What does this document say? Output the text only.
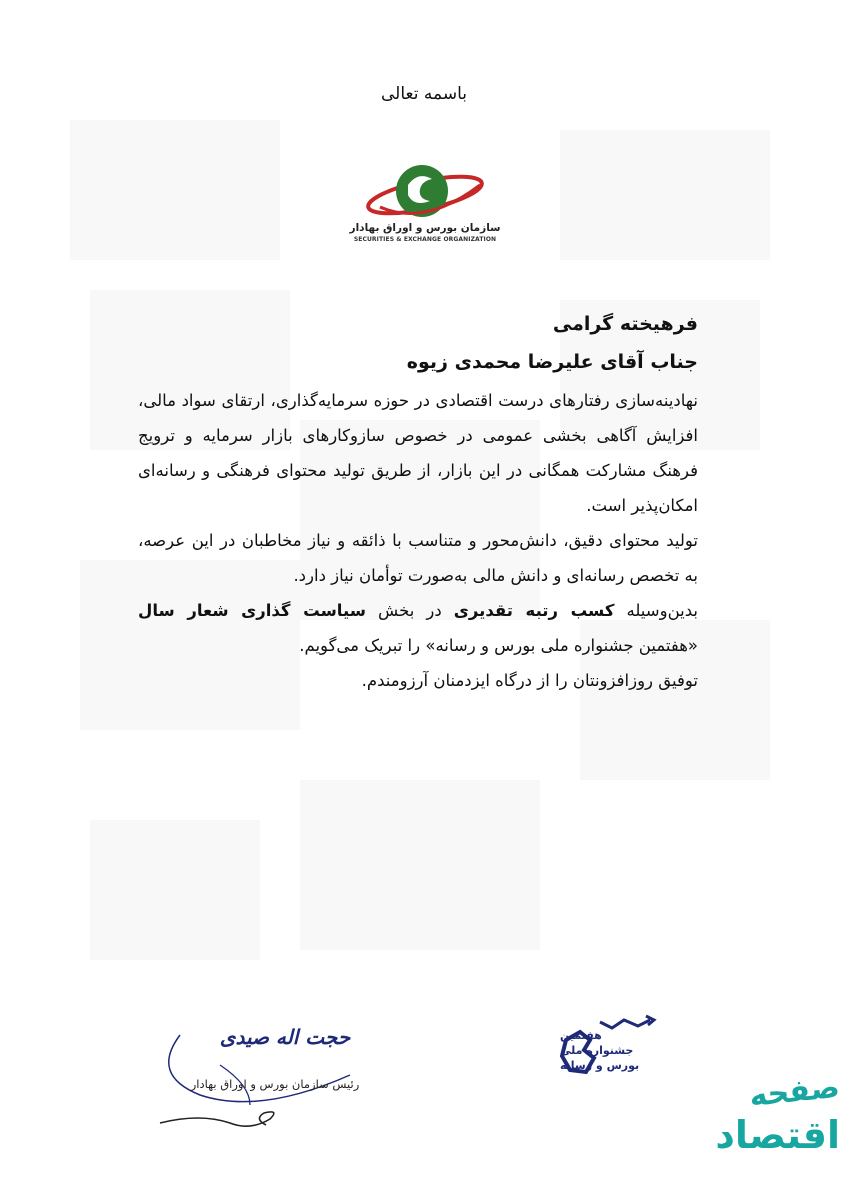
باسمه تعالی
سازمان بورس و اوراق بهادار
SECURITIES & EXCHANGE ORGANIZATION
فرهیخته گرامی
جناب آقای علیرضا محمدی زیوه

نهادینه‌سازی رفتارهای درست اقتصادی در حوزه سرمایه‌گذاری، ارتقای سواد مالی، افزایش آگاهی بخشی عمومی در خصوص سازوکارهای بازار سرمایه و ترویج فرهنگ مشارکت همگانی در این بازار، از طریق تولید محتوای فرهنگی و رسانه‌ای امکان‌پذیر است.

تولید محتوای دقیق، دانش‌محور و متناسب با ذائقه و نیاز مخاطبان در این عرصه، به تخصص رسانه‌ای و دانش مالی به‌صورت توأمان نیاز دارد.

بدین‌وسیله کسب رتبه تقدیری در بخش سیاست گذاری شعار سال «هفتمین جشنواره ملی بورس و رسانه» را تبریک می‌گویم.

توفیق روزافزونتان را از درگاه ایزدمنان آرزومندم.

حجت اله صیدی
رئیس سازمان بورس و اوراق بهادار
هفتمین
جشنواره ملی
بورس و رسانه
صفحه
اقتصاد
